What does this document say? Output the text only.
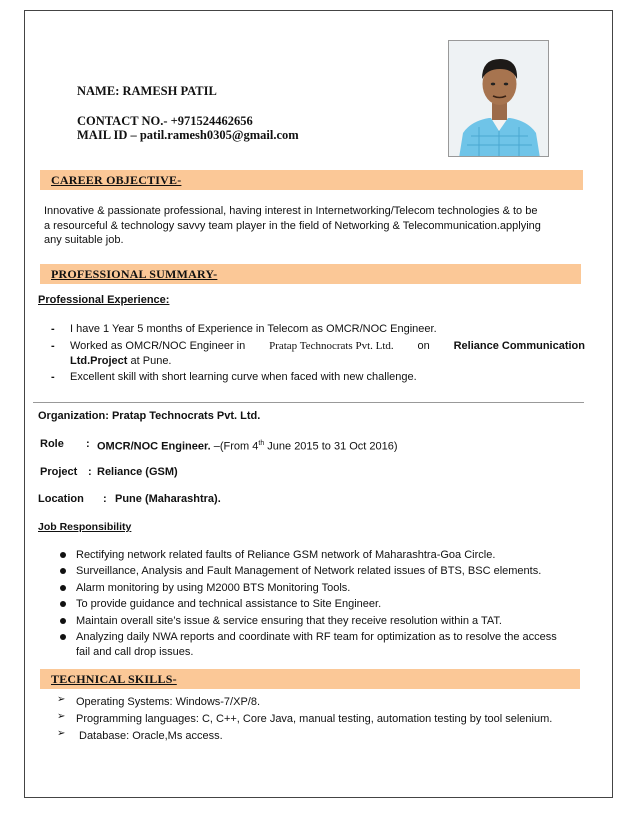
NAME: RAMESH PATIL
CONTACT NO.- +971524462656
MAIL ID – patil.ramesh0305@gmail.com
CAREER OBJECTIVE-
Innovative & passionate professional, having interest in Internetworking/Telecom technologies & to be
a resourceful & technology savvy team player in the field of Networking & Telecommunication.applying
any suitable job.
PROFESSIONAL SUMMARY-
Professional Experience:
- I have 1 Year 5 months of Experience in Telecom as OMCR/NOC Engineer.
- Worked as OMCR/NOC Engineer in Pratap Technocrats Pvt. Ltd. on Reliance Communication
Ltd.Project at Pune.
- Excellent skill with short learning curve when faced with new challenge.
Organization: Pratap Technocrats Pvt. Ltd.
Role : OMCR/NOC Engineer. –(From 4th June 2015 to 31 Oct 2016)
Project : Reliance (GSM)
Location : Pune (Maharashtra).
Job Responsibility
Rectifying network related faults of Reliance GSM network of Maharashtra-Goa Circle.
Surveillance, Analysis and Fault Management of Network related issues of BTS, BSC elements.
Alarm monitoring by using M2000 BTS Monitoring Tools.
To provide guidance and technical assistance to Site Engineer.
Maintain overall site’s issue & service ensuring that they receive resolution within a TAT.
Analyzing daily NWA reports and coordinate with RF team for optimization as to resolve the access
fail and call drop issues.
TECHNICAL SKILLS-
➢ Operating Systems: Windows-7/XP/8.
➢ Programming languages: C, C++, Core Java, manual testing, automation testing by tool selenium.
➢ Database: Oracle,Ms access.
